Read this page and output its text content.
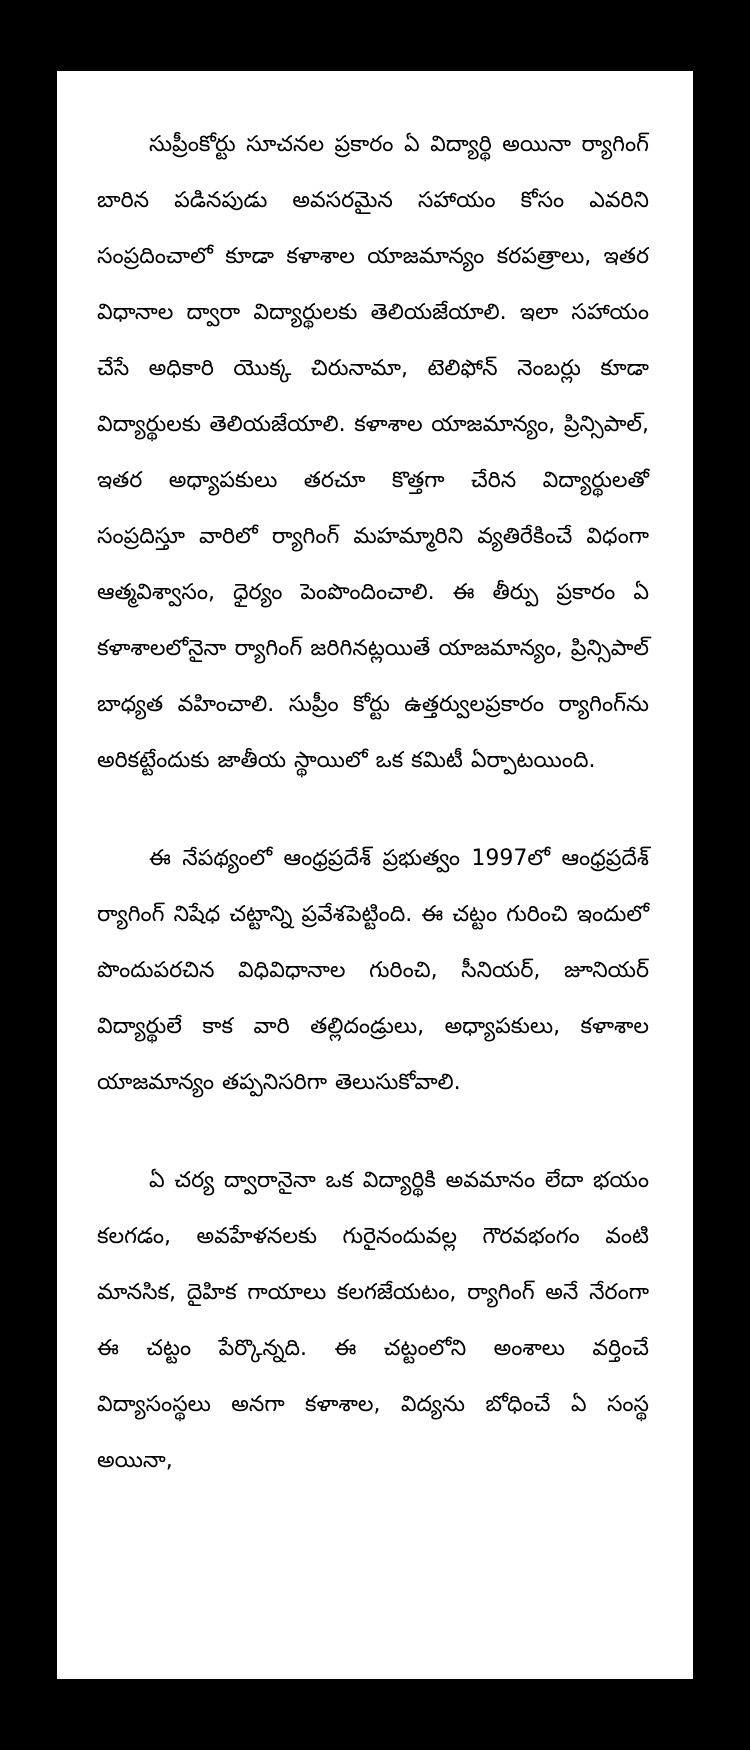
సుప్రీంకోర్టు సూచనల ప్రకారం ఏ విద్యార్థి అయినా ర్యాగింగ్ బారిన పడినపుడు అవసరమైన సహాయం కోసం ఎవరిని సంప్రదించాలో కూడా కళాశాల యాజమాన్యం కరపత్రాలు, ఇతర విధానాల ద్వారా విద్యార్థులకు తెలియజేయాలి. ఇలా సహాయం చేసే అధికారి యొక్క చిరునామా, టెలిఫోన్ నెంబర్లు కూడా విద్యార్థులకు తెలియజేయాలి. కళాశాల యాజమాన్యం, ప్రిన్సిపాల్, ఇతర అధ్యాపకులు తరచూ కొత్తగా చేరిన విద్యార్థులతో సంప్రదిస్తూ వారిలో ర్యాగింగ్ మహమ్మారిని వ్యతిరేకించే విధంగా ఆత్మవిశ్వాసం, ధైర్యం పెంపొందించాలి. ఈ తీర్పు ప్రకారం ఏ కళాశాలలోనైనా ర్యాగింగ్ జరిగినట్లయితే యాజమాన్యం, ప్రిన్సిపాల్ బాధ్యత వహించాలి. సుప్రీం కోర్టు ఉత్తర్వులప్రకారం ర్యాగింగ్‌ను అరికట్టేందుకు జాతీయ స్థాయిలో ఒక కమిటీ ఏర్పాటయింది.

ఈ నేపథ్యంలో ఆంధ్రప్రదేశ్ ప్రభుత్వం 1997లో ఆంధ్రప్రదేశ్ ర్యాగింగ్ నిషేధ చట్టాన్ని ప్రవేశపెట్టింది. ఈ చట్టం గురించి ఇందులో పొందుపరచిన విధివిధానాల గురించి, సీనియర్, జూనియర్ విద్యార్థులే కాక వారి తల్లిదండ్రులు, అధ్యాపకులు, కళాశాల యాజమాన్యం తప్పనిసరిగా తెలుసుకోవాలి.

ఏ చర్య ద్వారానైనా ఒక విద్యార్థికి అవమానం లేదా భయం కలగడం, అవహేళనలకు గురైనందువల్ల గౌరవభంగం వంటి మానసిక, దైహిక గాయాలు కలగజేయటం, ర్యాగింగ్ అనే నేరంగా ఈ చట్టం పేర్కొన్నది. ఈ చట్టంలోని అంశాలు వర్తించే విద్యాసంస్థలు అనగా కళాశాల, విద్యను బోధించే ఏ సంస్థ అయినా,
